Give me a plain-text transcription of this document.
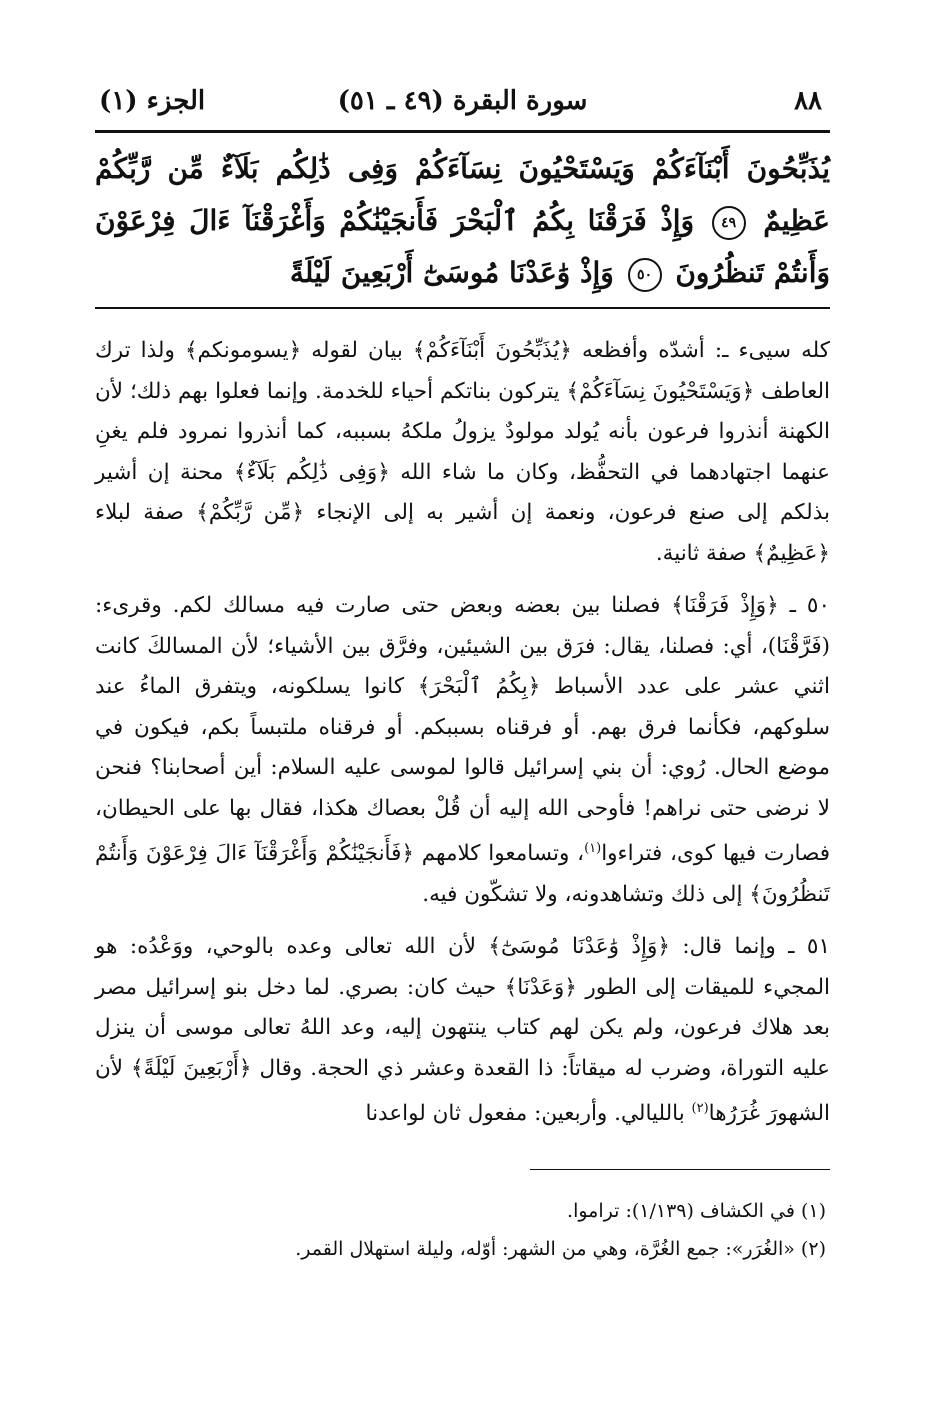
٨٨
سورة البقرة (٤٩ ـ ٥١)
الجزء (١)
يُذَبِّحُونَ أَبْنَآءَكُمْ وَيَسْتَحْيُونَ نِسَآءَكُمْ وَفِى ذَٰلِكُم بَلَآءٌ مِّن رَّبِّكُمْ عَظِيمٌ ٤٩ وَإِذْ فَرَقْنَا بِكُمُ ٱلْبَحْرَ فَأَنجَيْنَٰكُمْ وَأَغْرَقْنَآ ءَالَ فِرْعَوْنَ وَأَنتُمْ تَنظُرُونَ ٥٠ وَإِذْ وَٰعَدْنَا مُوسَىٰٓ أَرْبَعِينَ لَيْلَةً

كله سيىء ـ: أشدّه وأفظعه ﴿يُذَبِّحُونَ أَبْنَآءَكُمْ﴾ بيان لقوله ﴿يسومونكم﴾ ولذا ترك العاطف ﴿وَيَسْتَحْيُونَ نِسَآءَكُمْ﴾ يتركون بناتكم أحياء للخدمة. وإنما فعلوا بهم ذلك؛ لأن الكهنة أنذروا فرعون بأنه يُولد مولودٌ يزولُ ملكهُ بسببه، كما أنذروا نمرود فلم يغنِ عنهما اجتهادهما في التحفُّظ، وكان ما شاء الله ﴿وَفِى ذَٰلِكُم بَلَآءٌ﴾ محنة إن أشير بذلكم إلى صنع فرعون، ونعمة إن أشير به إلى الإنجاء ﴿مِّن رَّبِّكُمْ﴾ صفة لبلاء ﴿عَظِيمٌ﴾ صفة ثانية.

٥٠ ـ ﴿وَإِذْ فَرَقْنَا﴾ فصلنا بين بعضه وبعض حتى صارت فيه مسالك لكم. وقرىء: (فَرَّقْنَا)، أي: فصلنا، يقال: فرَق بين الشيئين، وفرَّق بين الأشياء؛ لأن المسالكَ كانت اثني عشر على عدد الأسباط ﴿بِكُمُ ٱلْبَحْرَ﴾ كانوا يسلكونه، ويتفرق الماءُ عند سلوكهم، فكأنما فرق بهم. أو فرقناه بسببكم. أو فرقناه ملتبساً بكم، فيكون في موضع الحال. رُوي: أن بني إسرائيل قالوا لموسى عليه السلام: أين أصحابنا؟ فنحن لا نرضى حتى نراهم! فأوحى الله إليه أن قُلْ بعصاك هكذا، فقال بها على الحيطان، فصارت فيها كوى، فتراءوا$^{(١)}$، وتسامعوا كلامهم ﴿فَأَنجَيْنَٰكُمْ وَأَغْرَقْنَآ ءَالَ فِرْعَوْنَ وَأَنتُمْ تَنظُرُونَ﴾ إلى ذلك وتشاهدونه، ولا تشكّون فيه.

٥١ ـ وإنما قال: ﴿وَإِذْ وَٰعَدْنَا مُوسَىٰٓ﴾ لأن الله تعالى وعده بالوحي، ووَعْدُه: هو المجيء للميقات إلى الطور ﴿وَعَدْنَا﴾ حيث كان: بصري. لما دخل بنو إسرائيل مصر بعد هلاك فرعون، ولم يكن لهم كتاب ينتهون إليه، وعد اللهُ تعالى موسى أن ينزل عليه التوراة، وضرب له ميقاتاً: ذا القعدة وعشر ذي الحجة. وقال ﴿أَرْبَعِينَ لَيْلَةً﴾ لأن الشهورَ غُرَرُها$^{(٢)}$ بالليالي. وأربعين: مفعول ثان لواعدنا

(١) في الكشاف (١/١٣٩): تراموا.
(٢) «الغُرَر»: جمع الغُرَّة، وهي من الشهر: أوّله، وليلة استهلال القمر.
